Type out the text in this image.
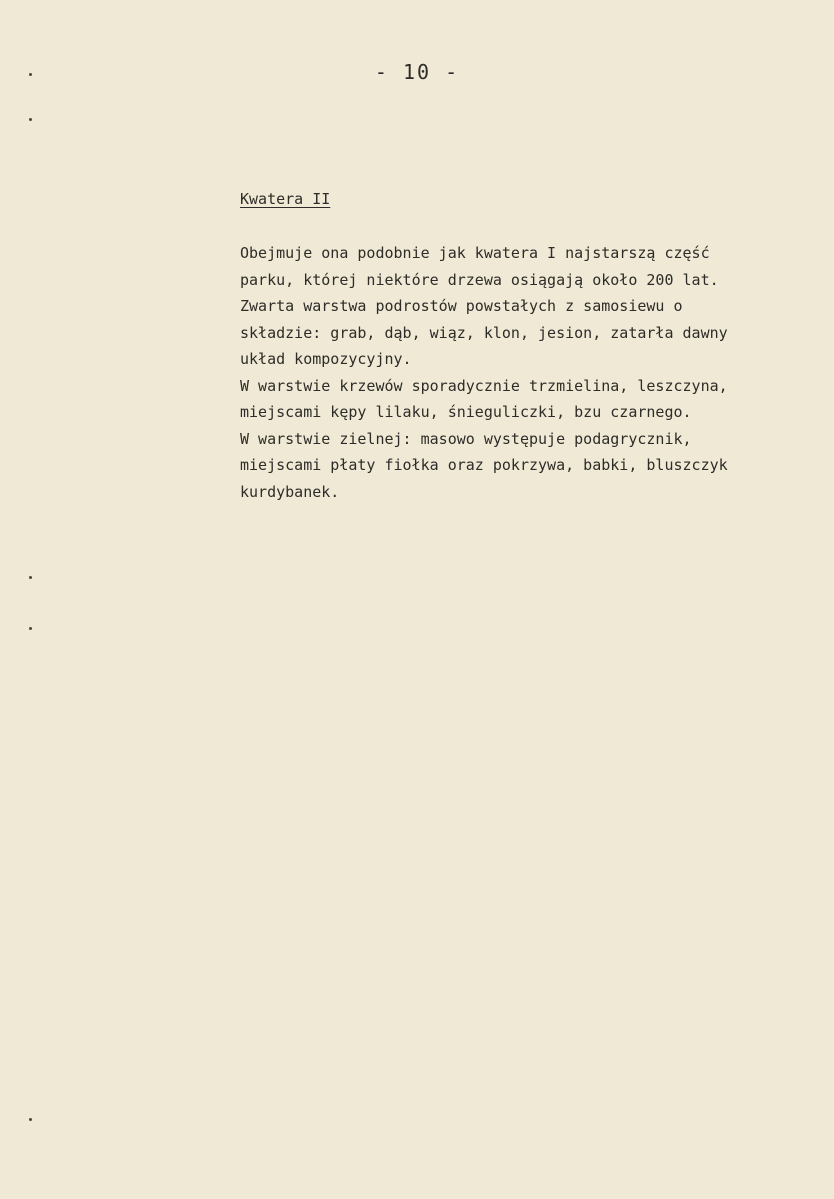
- 10 -
Kwatera II
Obejmuje ona podobnie jak kwatera I najstarszą część
parku, której niektóre drzewa osiągają około 200 lat.
Zwarta warstwa podrostów powstałych z samosiewu o
składzie: grab, dąb, wiąz, klon, jesion, zatarła dawny
układ kompozycyjny.
W warstwie krzewów sporadycznie trzmielina, leszczyna,
miejscami kępy lilaku, śnieguliczki, bzu czarnego.
W warstwie zielnej: masowo występuje podagrycznik,
miejscami płaty fiołka oraz pokrzywa, babki, bluszczyk
kurdybanek.
